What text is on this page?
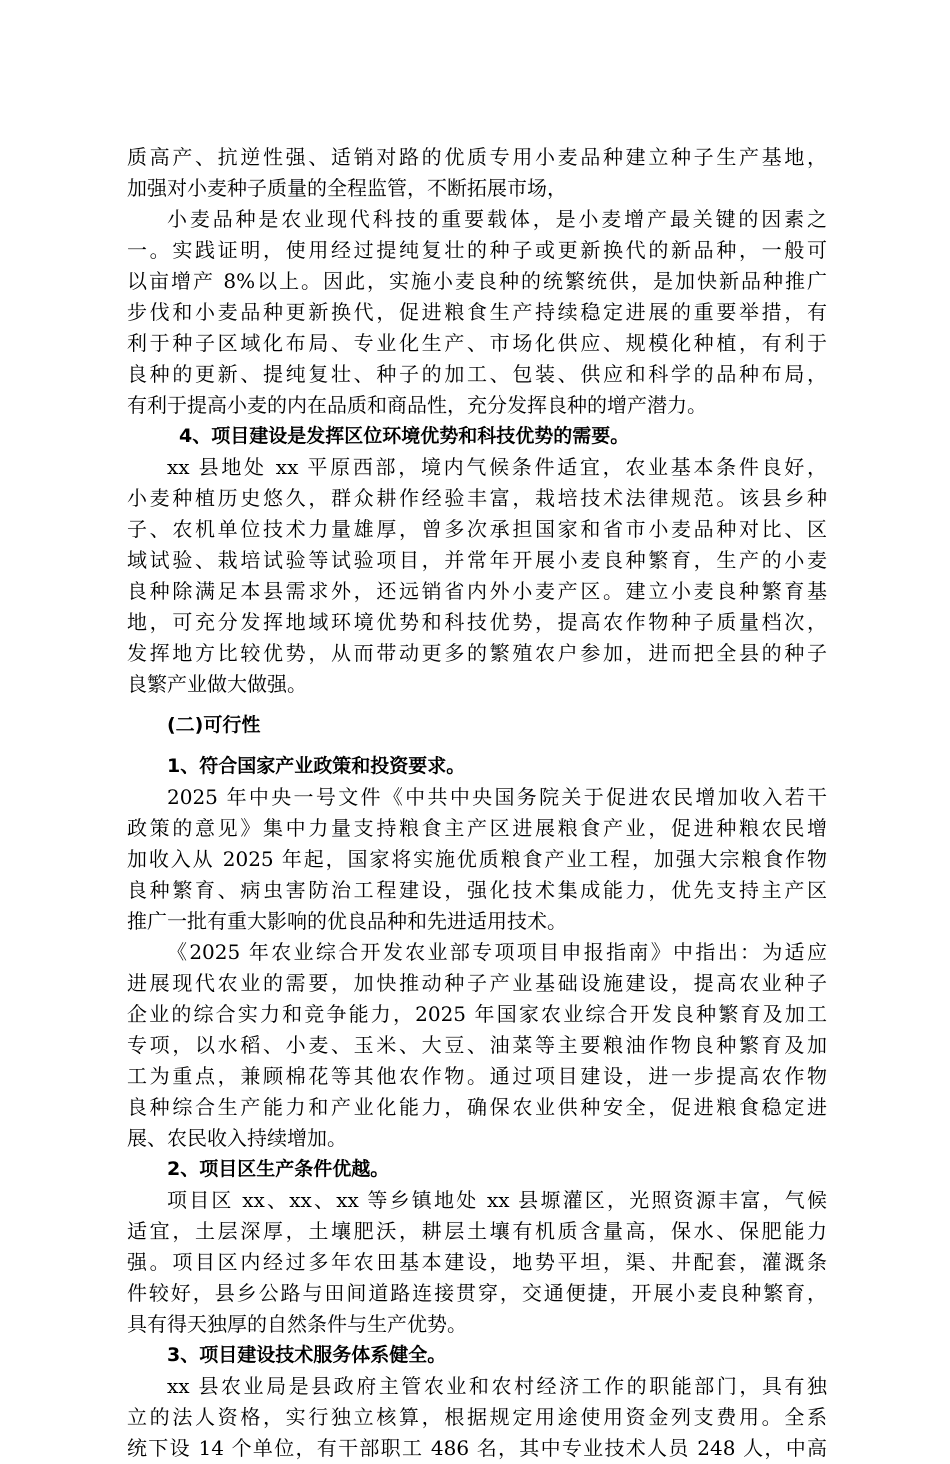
质高产、抗逆性强、适销对路的优质专用小麦品种建立种子生产基地，
加强对小麦种子质量的全程监管，不断拓展市场，
小麦品种是农业现代科技的重要载体，是小麦增产最关键的因素之
一。实践证明，使用经过提纯复壮的种子或更新换代的新品种，一般可
以亩增产 8%以上。因此，实施小麦良种的统繁统供，是加快新品种推广
步伐和小麦品种更新换代，促进粮食生产持续稳定进展的重要举措，有
利于种子区域化布局、专业化生产、市场化供应、规模化种植，有利于
良种的更新、提纯复壮、种子的加工、包装、供应和科学的品种布局，
有利于提高小麦的内在品质和商品性，充分发挥良种的增产潜力。
4、项目建设是发挥区位环境优势和科技优势的需要。
xx 县地处 xx 平原西部，境内气候条件适宜，农业基本条件良好，
小麦种植历史悠久，群众耕作经验丰富，栽培技术法律规范。该县乡种
子、农机单位技术力量雄厚，曾多次承担国家和省市小麦品种对比、区
域试验、栽培试验等试验项目，并常年开展小麦良种繁育，生产的小麦
良种除满足本县需求外，还远销省内外小麦产区。建立小麦良种繁育基
地，可充分发挥地域环境优势和科技优势，提高农作物种子质量档次，
发挥地方比较优势，从而带动更多的繁殖农户参加，进而把全县的种子
良繁产业做大做强。
(二)可行性
1、符合国家产业政策和投资要求。
2025 年中央一号文件《中共中央国务院关于促进农民增加收入若干
政策的意见》集中力量支持粮食主产区进展粮食产业，促进种粮农民增
加收入从 2025 年起，国家将实施优质粮食产业工程，加强大宗粮食作物
良种繁育、病虫害防治工程建设，强化技术集成能力，优先支持主产区
推广一批有重大影响的优良品种和先进适用技术。
《2025 年农业综合开发农业部专项项目申报指南》中指出：为适应
进展现代农业的需要，加快推动种子产业基础设施建设，提高农业种子
企业的综合实力和竞争能力，2025 年国家农业综合开发良种繁育及加工
专项，以水稻、小麦、玉米、大豆、油菜等主要粮油作物良种繁育及加
工为重点，兼顾棉花等其他农作物。通过项目建设，进一步提高农作物
良种综合生产能力和产业化能力，确保农业供种安全，促进粮食稳定进
展、农民收入持续增加。
2、项目区生产条件优越。
项目区 xx、xx、xx 等乡镇地处 xx 县塬灌区，光照资源丰富，气候
适宜，土层深厚，土壤肥沃，耕层土壤有机质含量高，保水、保肥能力
强。项目区内经过多年农田基本建设，地势平坦，渠、井配套，灌溉条
件较好，县乡公路与田间道路连接贯穿，交通便捷，开展小麦良种繁育，
具有得天独厚的自然条件与生产优势。
3、项目建设技术服务体系健全。
xx 县农业局是县政府主管农业和农村经济工作的职能部门，具有独
立的法人资格，实行独立核算，根据规定用途使用资金列支费用。全系
统下设 14 个单位，有干部职工 486 名，其中专业技术人员 248 人，中高
